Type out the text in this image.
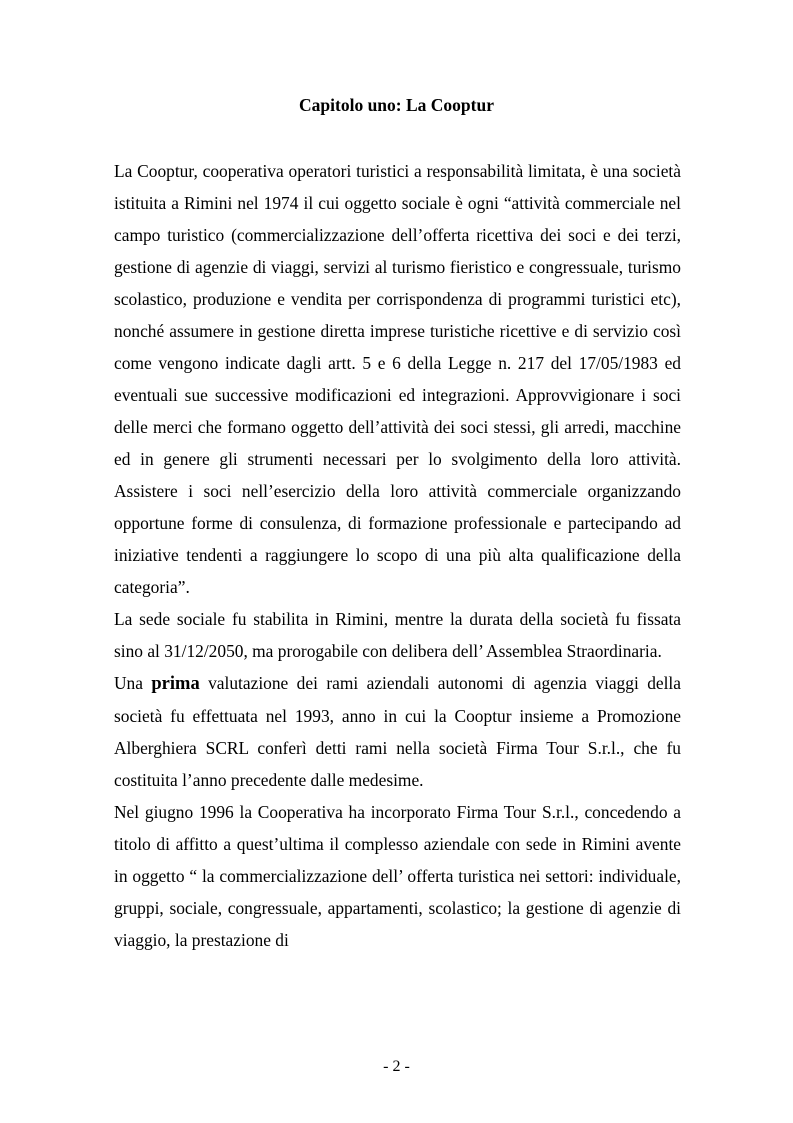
Capitolo uno: La Cooptur

La Cooptur, cooperativa operatori turistici a responsabilità limitata, è una società istituita a Rimini nel 1974 il cui oggetto sociale è ogni “attività commerciale nel campo turistico (commercializzazione dell’offerta ricettiva dei soci e dei terzi, gestione di agenzie di viaggi, servizi al turismo fieristico e congressuale, turismo scolastico, produzione e vendita per corrispondenza di programmi turistici etc), nonché assumere in gestione diretta imprese turistiche ricettive e di servizio così come vengono indicate dagli artt. 5 e 6 della Legge n. 217 del 17/05/1983 ed eventuali sue successive modificazioni ed integrazioni. Approvvigionare i soci delle merci che formano oggetto dell’attività dei soci stessi, gli arredi, macchine ed in genere gli strumenti necessari per lo svolgimento della loro attività. Assistere i soci nell’esercizio della loro attività commerciale organizzando opportune forme di consulenza, di formazione professionale e partecipando ad iniziative tendenti a raggiungere lo scopo di una più alta qualificazione della categoria”.

La sede sociale fu stabilita in Rimini, mentre la durata della società fu fissata sino al 31/12/2050, ma prorogabile con delibera dell’ Assemblea Straordinaria.

Una prima valutazione dei rami aziendali autonomi di agenzia viaggi della società fu effettuata nel 1993, anno in cui la Cooptur insieme a Promozione Alberghiera SCRL conferì detti rami nella società Firma Tour S.r.l., che fu costituita l’anno precedente dalle medesime.

Nel giugno 1996 la Cooperativa ha incorporato Firma Tour S.r.l., concedendo a titolo di affitto a quest’ultima il complesso aziendale con sede in Rimini avente in oggetto “ la commercializzazione dell’ offerta turistica nei settori: individuale, gruppi, sociale, congressuale, appartamenti, scolastico; la gestione di agenzie di viaggio, la prestazione di

- 2 -
